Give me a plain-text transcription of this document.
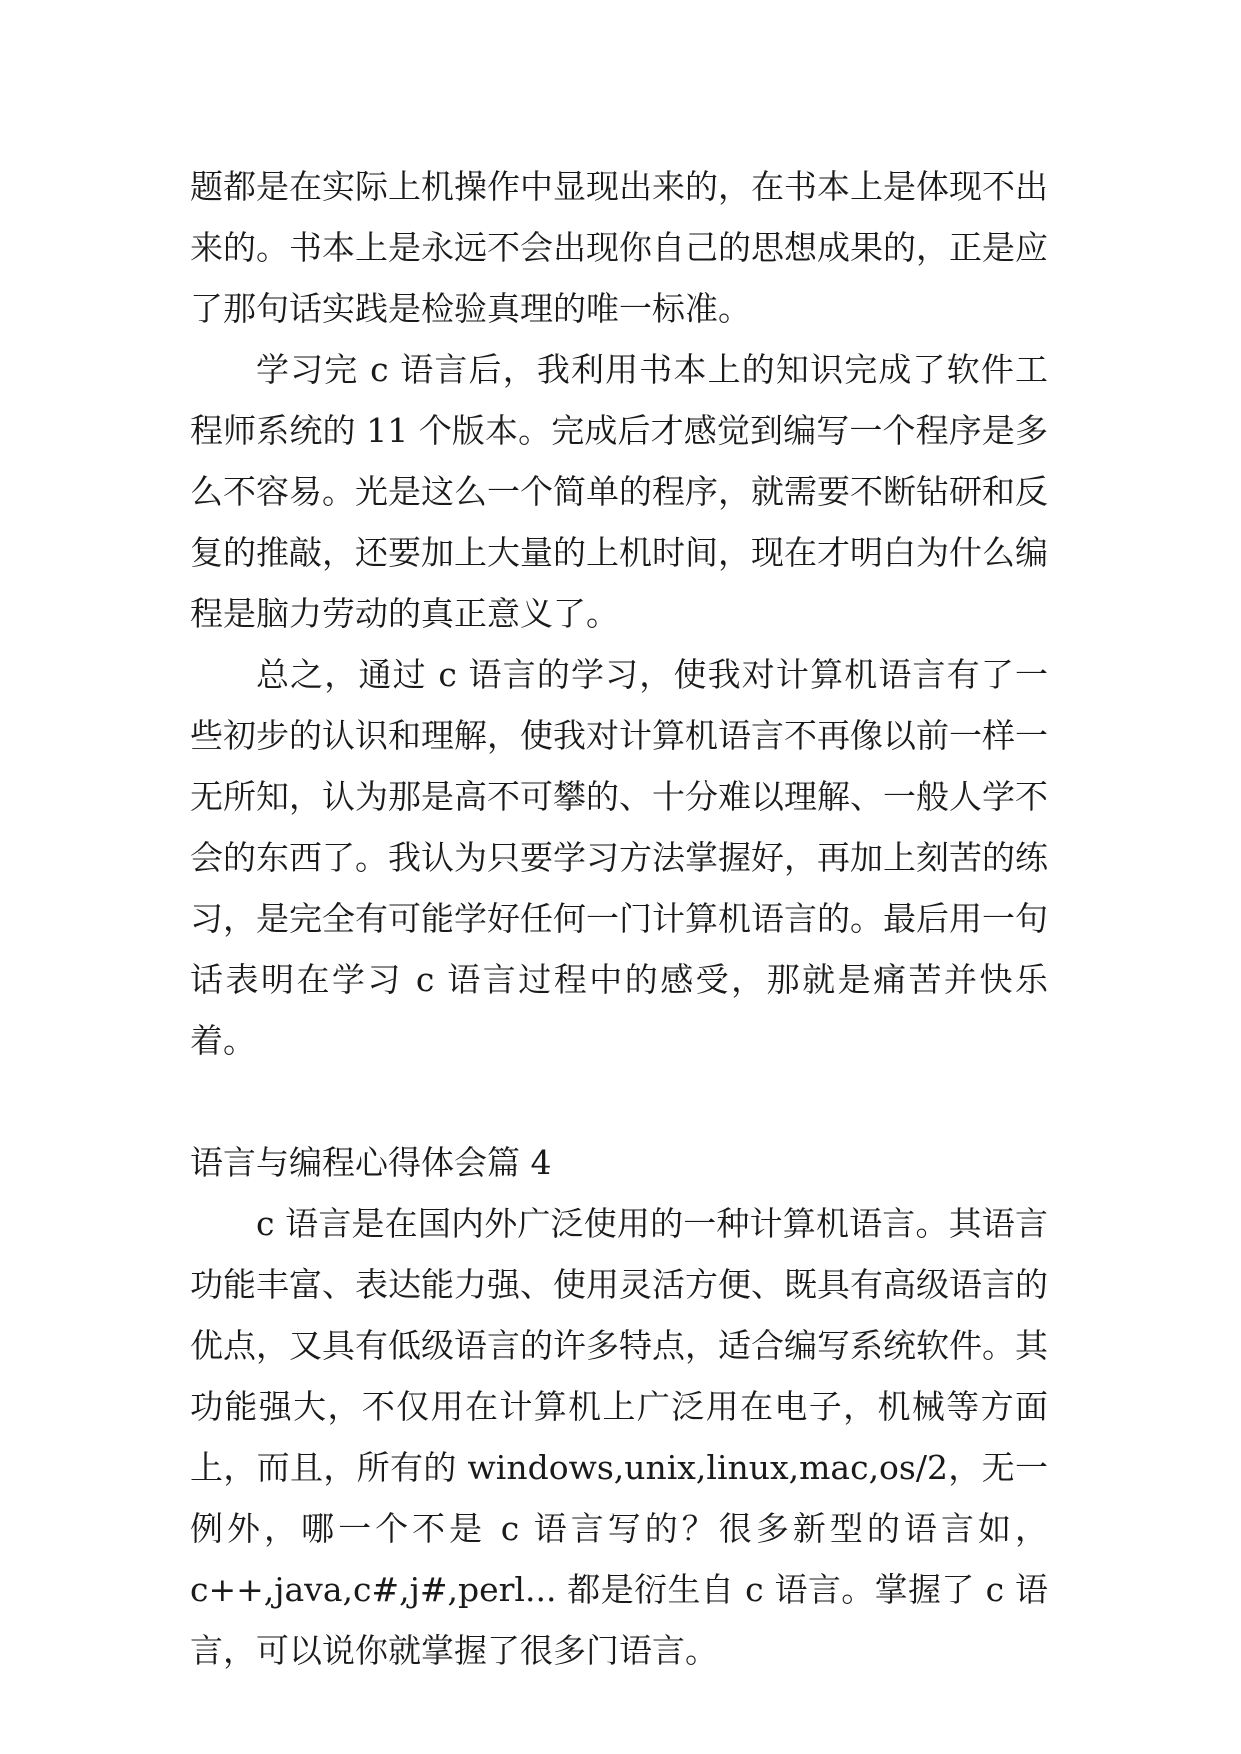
题都是在实际上机操作中显现出来的，在书本上是体现不出来的。书本上是永远不会出现你自己的思想成果的，正是应了那句话实践是检验真理的唯一标准。

学习完 c 语言后，我利用书本上的知识完成了软件工程师系统的 11 个版本。完成后才感觉到编写一个程序是多么不容易。光是这么一个简单的程序，就需要不断钻研和反复的推敲，还要加上大量的上机时间，现在才明白为什么编程是脑力劳动的真正意义了。

总之，通过 c 语言的学习，使我对计算机语言有了一些初步的认识和理解，使我对计算机语言不再像以前一样一无所知，认为那是高不可攀的、十分难以理解、一般人学不会的东西了。我认为只要学习方法掌握好，再加上刻苦的练习，是完全有可能学好任何一门计算机语言的。最后用一句话表明在学习 c 语言过程中的感受，那就是痛苦并快乐着。

语言与编程心得体会篇 4

c 语言是在国内外广泛使用的一种计算机语言。其语言功能丰富、表达能力强、使用灵活方便、既具有高级语言的优点，又具有低级语言的许多特点，适合编写系统软件。其功能强大，不仅用在计算机上广泛用在电子，机械等方面上，而且，所有的 windows,unix,linux,mac,os/2，无一例外，哪一个不是 c 语言写的？很多新型的语言如，c++,java,c#,j#,perl... 都是衍生自 c 语言。掌握了 c 语言，可以说你就掌握了很多门语言。
